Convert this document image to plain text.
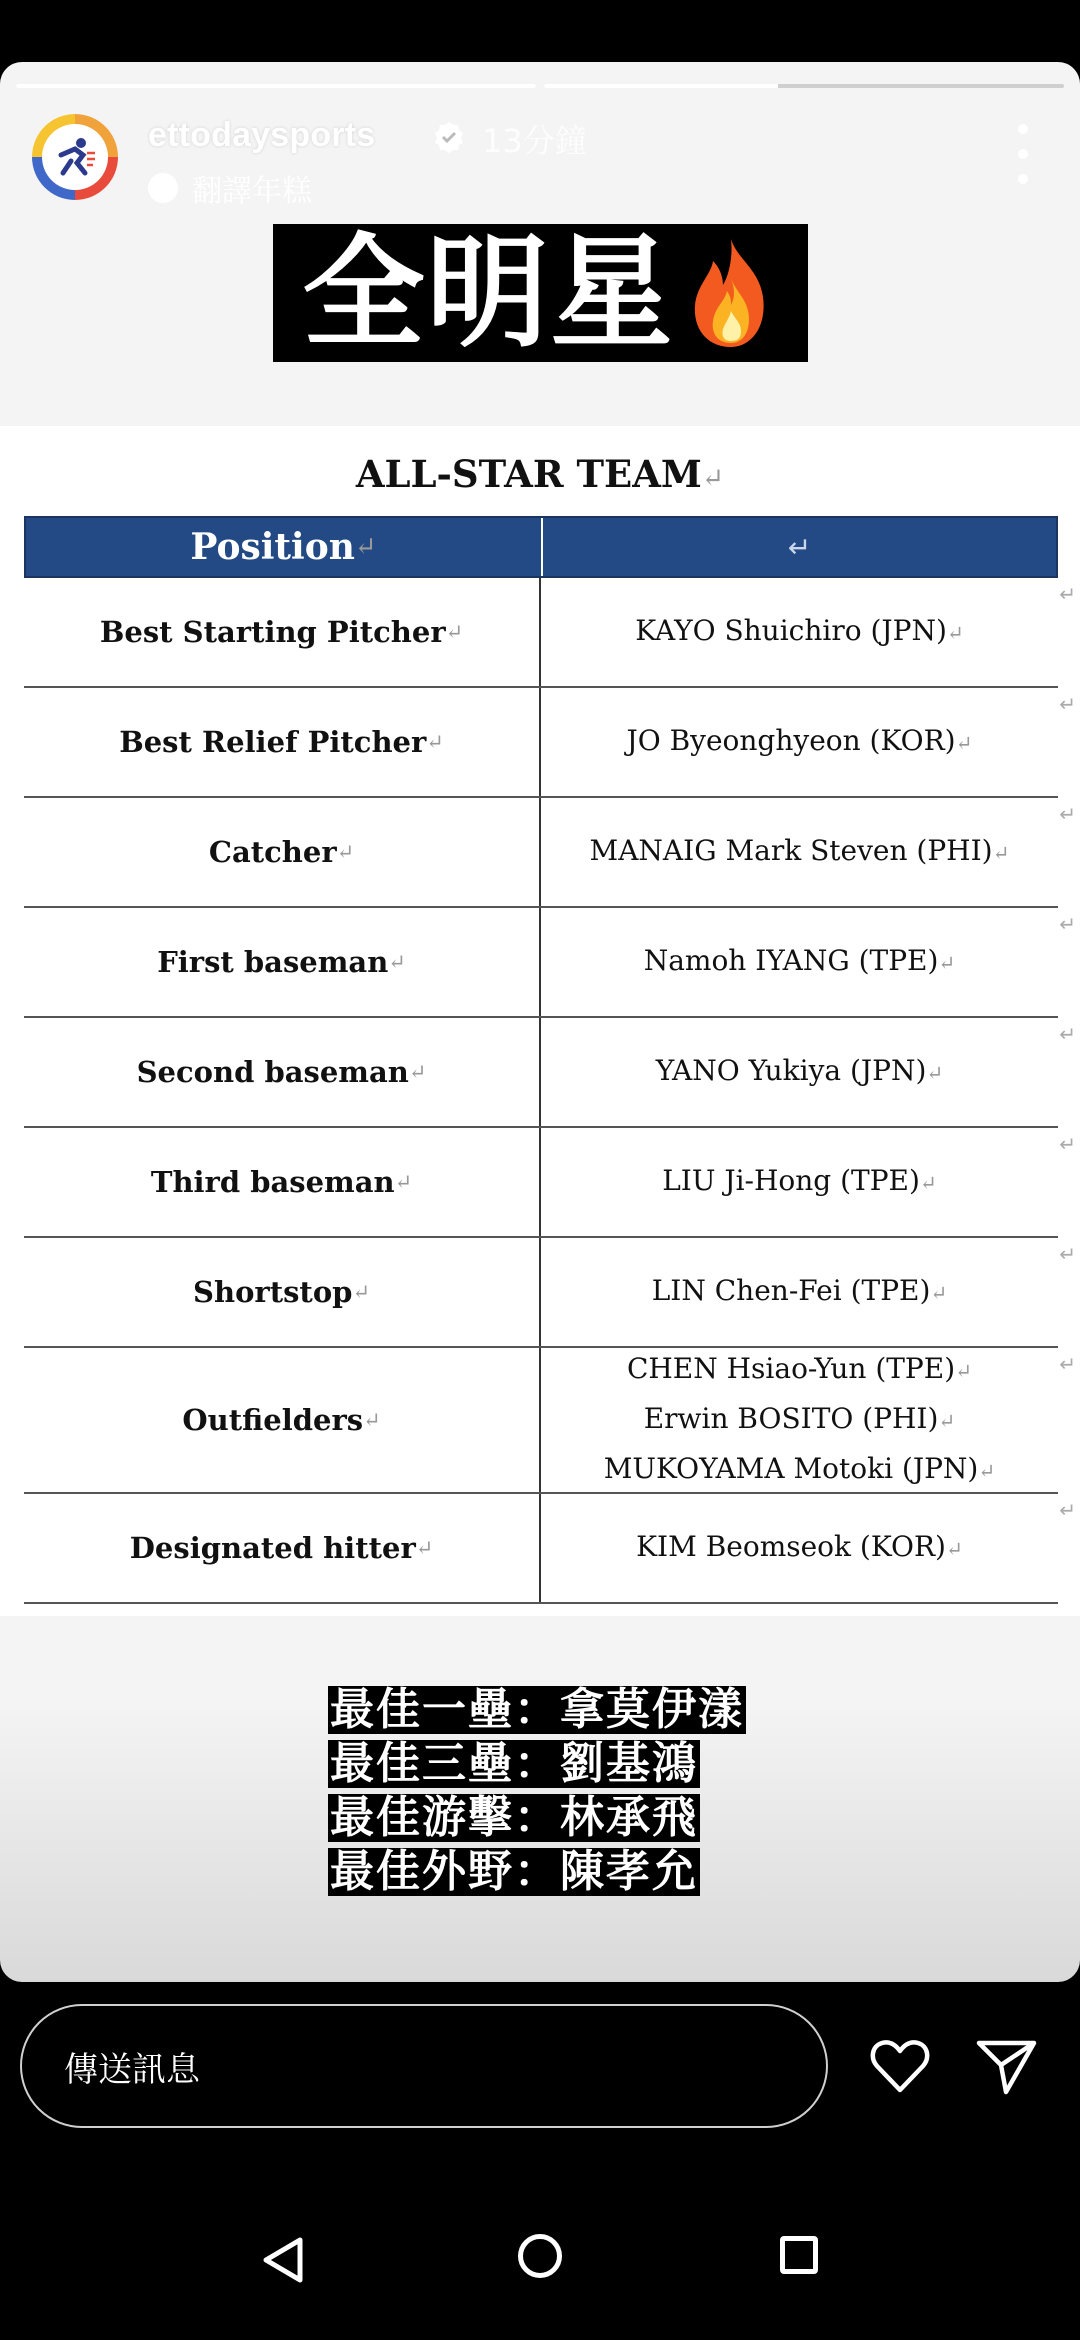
ettodaysports	13分鐘
翻譯年糕
全明星
ALL-STAR TEAM↵
Position ↵	↵
Best Starting Pitcher ↵	KAYO Shuichiro (JPN)↵
↵
Best Relief Pitcher ↵	JO Byeonghyeon (KOR)↵
↵
Catcher ↵	MANAIG Mark Steven (PHI)↵
↵
First baseman ↵	Namoh IYANG (TPE)↵
↵
Second baseman ↵	YANO Yukiya (JPN)↵
↵
Third baseman ↵	LIU Ji-Hong (TPE)↵
↵
Shortstop ↵	LIN Chen-Fei (TPE)↵
↵
Outfielders ↵
CHEN Hsiao-Yun (TPE)↵
Erwin BOSITO (PHI)↵
MUKOYAMA Motoki (JPN)↵
↵
Designated hitter ↵	KIM Beomseok (KOR)↵
↵
最佳一壘：拿莫伊漾
最佳三壘：劉基鴻
最佳游擊：林承飛
最佳外野：陳孝允
傳送訊息
